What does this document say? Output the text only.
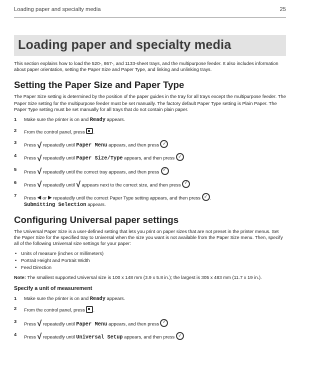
Loading paper and specialty media	25
Loading paper and specialty media

This section explains how to load the 520-, 867-, and 1133-sheet trays, and the multipurpose feeder. It also includes information about paper orientation, setting the Paper Size and Paper Type, and linking and unlinking trays.

Setting the Paper Size and Paper Type

The Paper Size setting is determined by the position of the paper guides in the tray for all trays except the multipurpose feeder. The Paper Size setting for the multipurpose feeder must be set manually. The factory default Paper Type setting is Plain Paper. The Paper Type setting must be set manually for all trays that do not contain plain paper.

1 Make sure the printer is on and Ready appears.
2 From the control panel, press .
3 Press √ repeatedly until Paper Menu appears, and then press ✓
4 Press √ repeatedly until Paper Size/Type appears, and then press ✓
5 Press √ repeatedly until the correct tray appears, and then press ✓
6 Press √ repeatedly until √ appears next to the correct size, and then press ✓
7 Press ◀ or ▶ repeatedly until the correct Paper Type setting appears, and then press ✓.
Submitting Selection appears.
Configuring Universal paper settings

The Universal Paper Size is a user-defined setting that lets you print on paper sizes that are not preset in the printer menus. Set the Paper Size for the specified tray to Universal when the size you want is not available from the Paper Size menu. Then, specify all of the following Universal size settings for your paper:

• Units of measure (inches or millimeters)
• Portrait Height and Portrait Width
• Feed Direction

Note: The smallest supported Universal size is 100 x 148 mm (3.9 x 5.8 in.); the largest is 305 x 483 mm (11.7 x 19 in.).

Specify a unit of measurement
1 Make sure the printer is on and Ready appears.
2 From the control panel, press .
3 Press √ repeatedly until Paper Menu appears, and then press ✓
4 Press √ repeatedly until Universal Setup appears, and then press ✓
